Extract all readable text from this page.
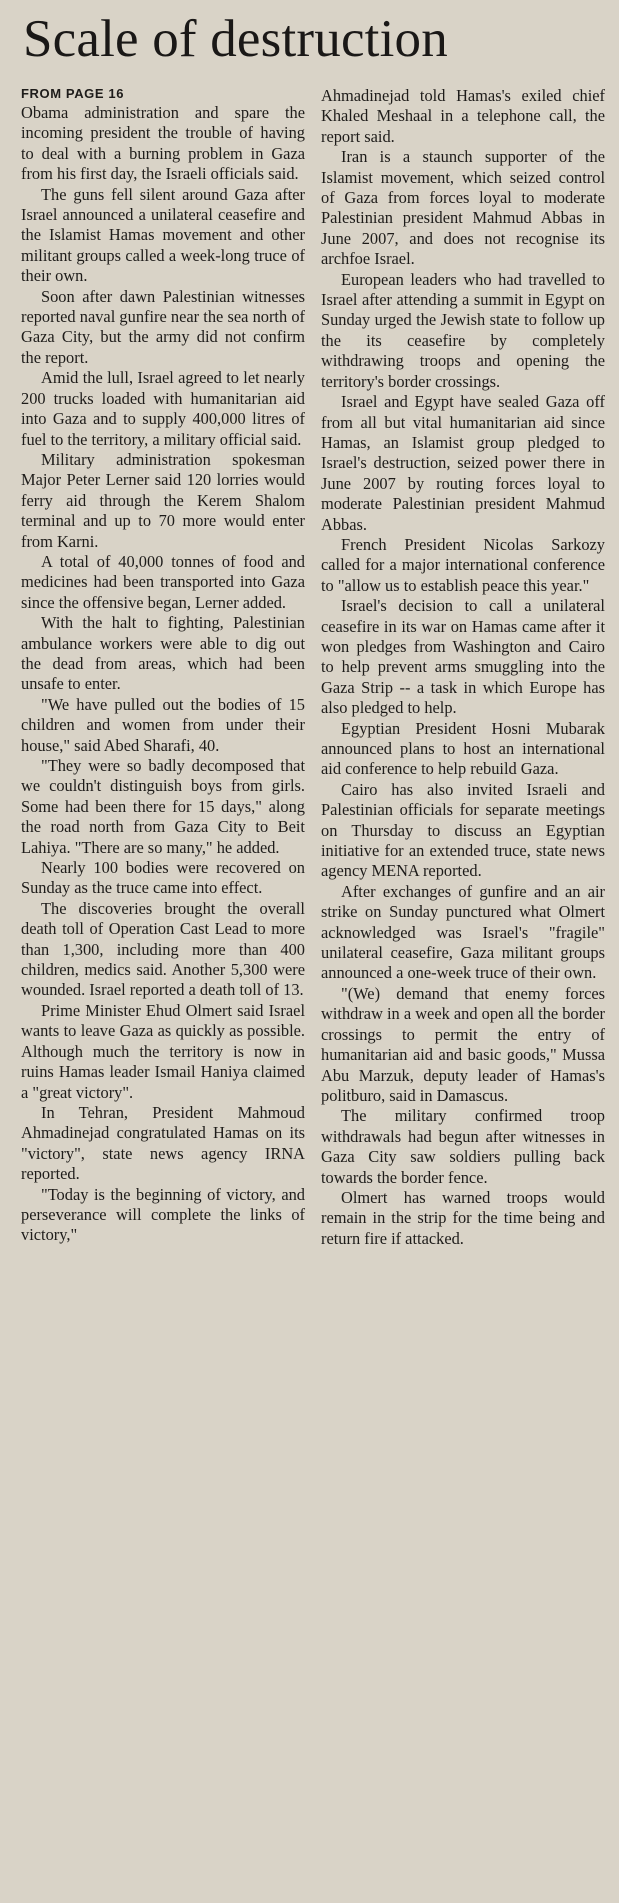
Scale of destruction
FROM PAGE 16

Obama administration and spare the incoming president the trouble of having to deal with a burning problem in Gaza from his first day, the Israeli officials said.

The guns fell silent around Gaza after Israel announced a unilateral ceasefire and the Islamist Hamas movement and other militant groups called a week-long truce of their own.

Soon after dawn Palestinian witnesses reported naval gunfire near the sea north of Gaza City, but the army did not confirm the report.

Amid the lull, Israel agreed to let nearly 200 trucks loaded with humanitarian aid into Gaza and to supply 400,000 litres of fuel to the territory, a military official said.

Military administration spokesman Major Peter Lerner said 120 lorries would ferry aid through the Kerem Shalom terminal and up to 70 more would enter from Karni.

A total of 40,000 tonnes of food and medicines had been transported into Gaza since the offensive began, Lerner added.

With the halt to fighting, Palestinian ambulance workers were able to dig out the dead from areas, which had been unsafe to enter.

"We have pulled out the bodies of 15 children and women from under their house," said Abed Sharafi, 40.

"They were so badly decomposed that we couldn't distinguish boys from girls. Some had been there for 15 days," along the road north from Gaza City to Beit Lahiya. "There are so many," he added.

Nearly 100 bodies were recovered on Sunday as the truce came into effect.

The discoveries brought the overall death toll of Operation Cast Lead to more than 1,300, including more than 400 children, medics said. Another 5,300 were wounded. Israel reported a death toll of 13.

Prime Minister Ehud Olmert said Israel wants to leave Gaza as quickly as possible. Although much the territory is now in ruins Hamas leader Ismail Haniya claimed a "great victory".

In Tehran, President Mahmoud Ahmadinejad congratulated Hamas on its "victory", state news agency IRNA reported.

"Today is the beginning of victory, and perseverance will complete the links of victory,"

Ahmadinejad told Hamas's exiled chief Khaled Meshaal in a telephone call, the report said.

Iran is a staunch supporter of the Islamist movement, which seized control of Gaza from forces loyal to moderate Palestinian president Mahmud Abbas in June 2007, and does not recognise its archfoe Israel.

European leaders who had travelled to Israel after attending a summit in Egypt on Sunday urged the Jewish state to follow up the its ceasefire by completely withdrawing troops and opening the territory's border crossings.

Israel and Egypt have sealed Gaza off from all but vital humanitarian aid since Hamas, an Islamist group pledged to Israel's destruction, seized power there in June 2007 by routing forces loyal to moderate Palestinian president Mahmud Abbas.

French President Nicolas Sarkozy called for a major international conference to "allow us to establish peace this year."

Israel's decision to call a unilateral ceasefire in its war on Hamas came after it won pledges from Washington and Cairo to help prevent arms smuggling into the Gaza Strip -- a task in which Europe has also pledged to help.

Egyptian President Hosni Mubarak announced plans to host an international aid conference to help rebuild Gaza.

Cairo has also invited Israeli and Palestinian officials for separate meetings on Thursday to discuss an Egyptian initiative for an extended truce, state news agency MENA reported.

After exchanges of gunfire and an air strike on Sunday punctured what Olmert acknowledged was Israel's "fragile" unilateral ceasefire, Gaza militant groups announced a one-week truce of their own.

"(We) demand that enemy forces withdraw in a week and open all the border crossings to permit the entry of humanitarian aid and basic goods," Mussa Abu Marzuk, deputy leader of Hamas's politburo, said in Damascus.

The military confirmed troop withdrawals had begun after witnesses in Gaza City saw soldiers pulling back towards the border fence.

Olmert has warned troops would remain in the strip for the time being and return fire if attacked.
